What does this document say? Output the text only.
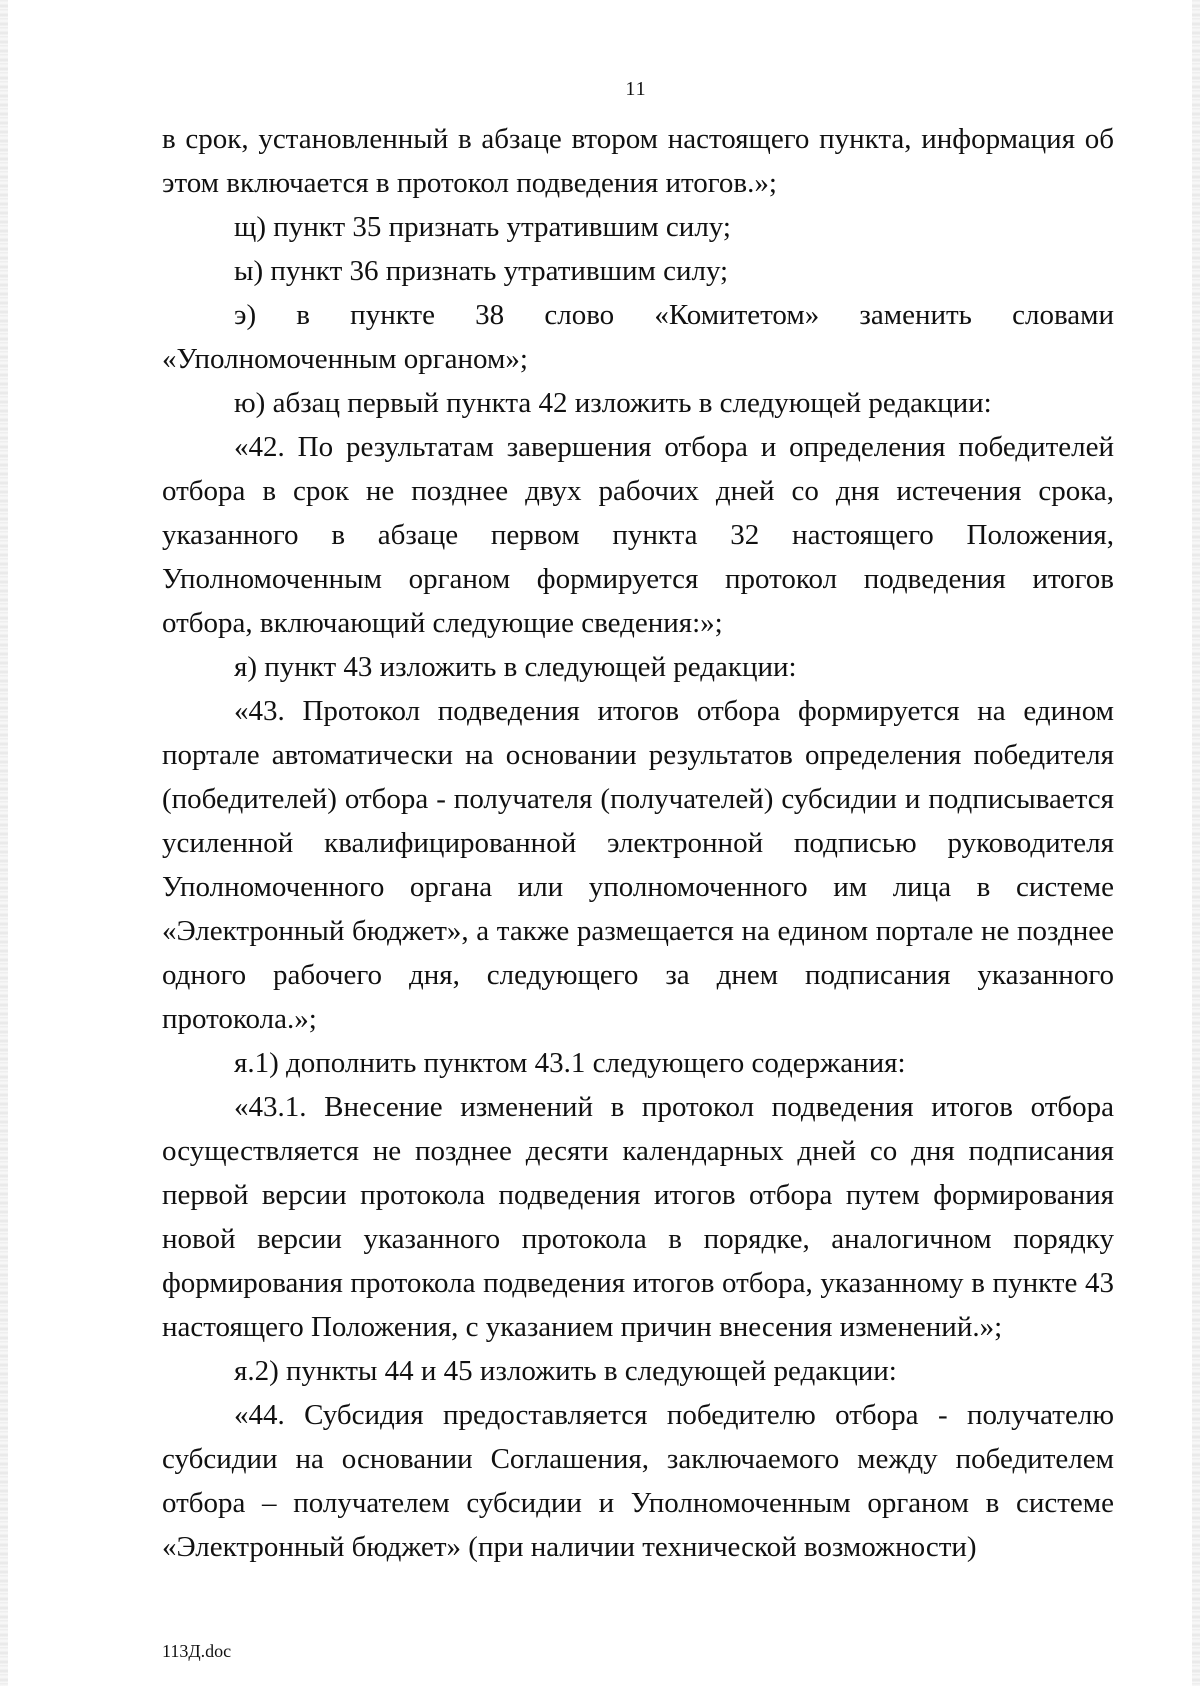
11

в срок, установленный в абзаце втором настоящего пункта, информация об этом включается в протокол подведения итогов.»;

щ) пункт 35 признать утратившим силу;

ы) пункт 36 признать утратившим силу;

э) в пункте 38 слово «Комитетом» заменить словами «Уполномоченным органом»;

ю) абзац первый пункта 42 изложить в следующей редакции:

«42. По результатам завершения отбора и определения победителей отбора в срок не позднее двух рабочих дней со дня истечения срока, указанного в абзаце первом пункта 32 настоящего Положения, Уполномоченным органом формируется протокол подведения итогов отбора, включающий следующие сведения:»;

я) пункт 43 изложить в следующей редакции:

«43. Протокол подведения итогов отбора формируется на едином портале автоматически на основании результатов определения победителя (победителей) отбора - получателя (получателей) субсидии и подписывается усиленной квалифицированной электронной подписью руководителя Уполномоченного органа или уполномоченного им лица в системе «Электронный бюджет», а также размещается на едином портале не позднее одного рабочего дня, следующего за днем подписания указанного протокола.»;

я.1) дополнить пунктом 43.1 следующего содержания:

«43.1. Внесение изменений в протокол подведения итогов отбора осуществляется не позднее десяти календарных дней со дня подписания первой версии протокола подведения итогов отбора путем формирования новой версии указанного протокола в порядке, аналогичном порядку формирования протокола подведения итогов отбора, указанному в пункте 43 настоящего Положения, с указанием причин внесения изменений.»;

я.2) пункты 44 и 45 изложить в следующей редакции:

«44. Субсидия предоставляется победителю отбора - получателю субсидии на основании Соглашения, заключаемого между победителем отбора – получателем субсидии и Уполномоченным органом в системе «Электронный бюджет» (при наличии технической возможности)

113Д.doc
